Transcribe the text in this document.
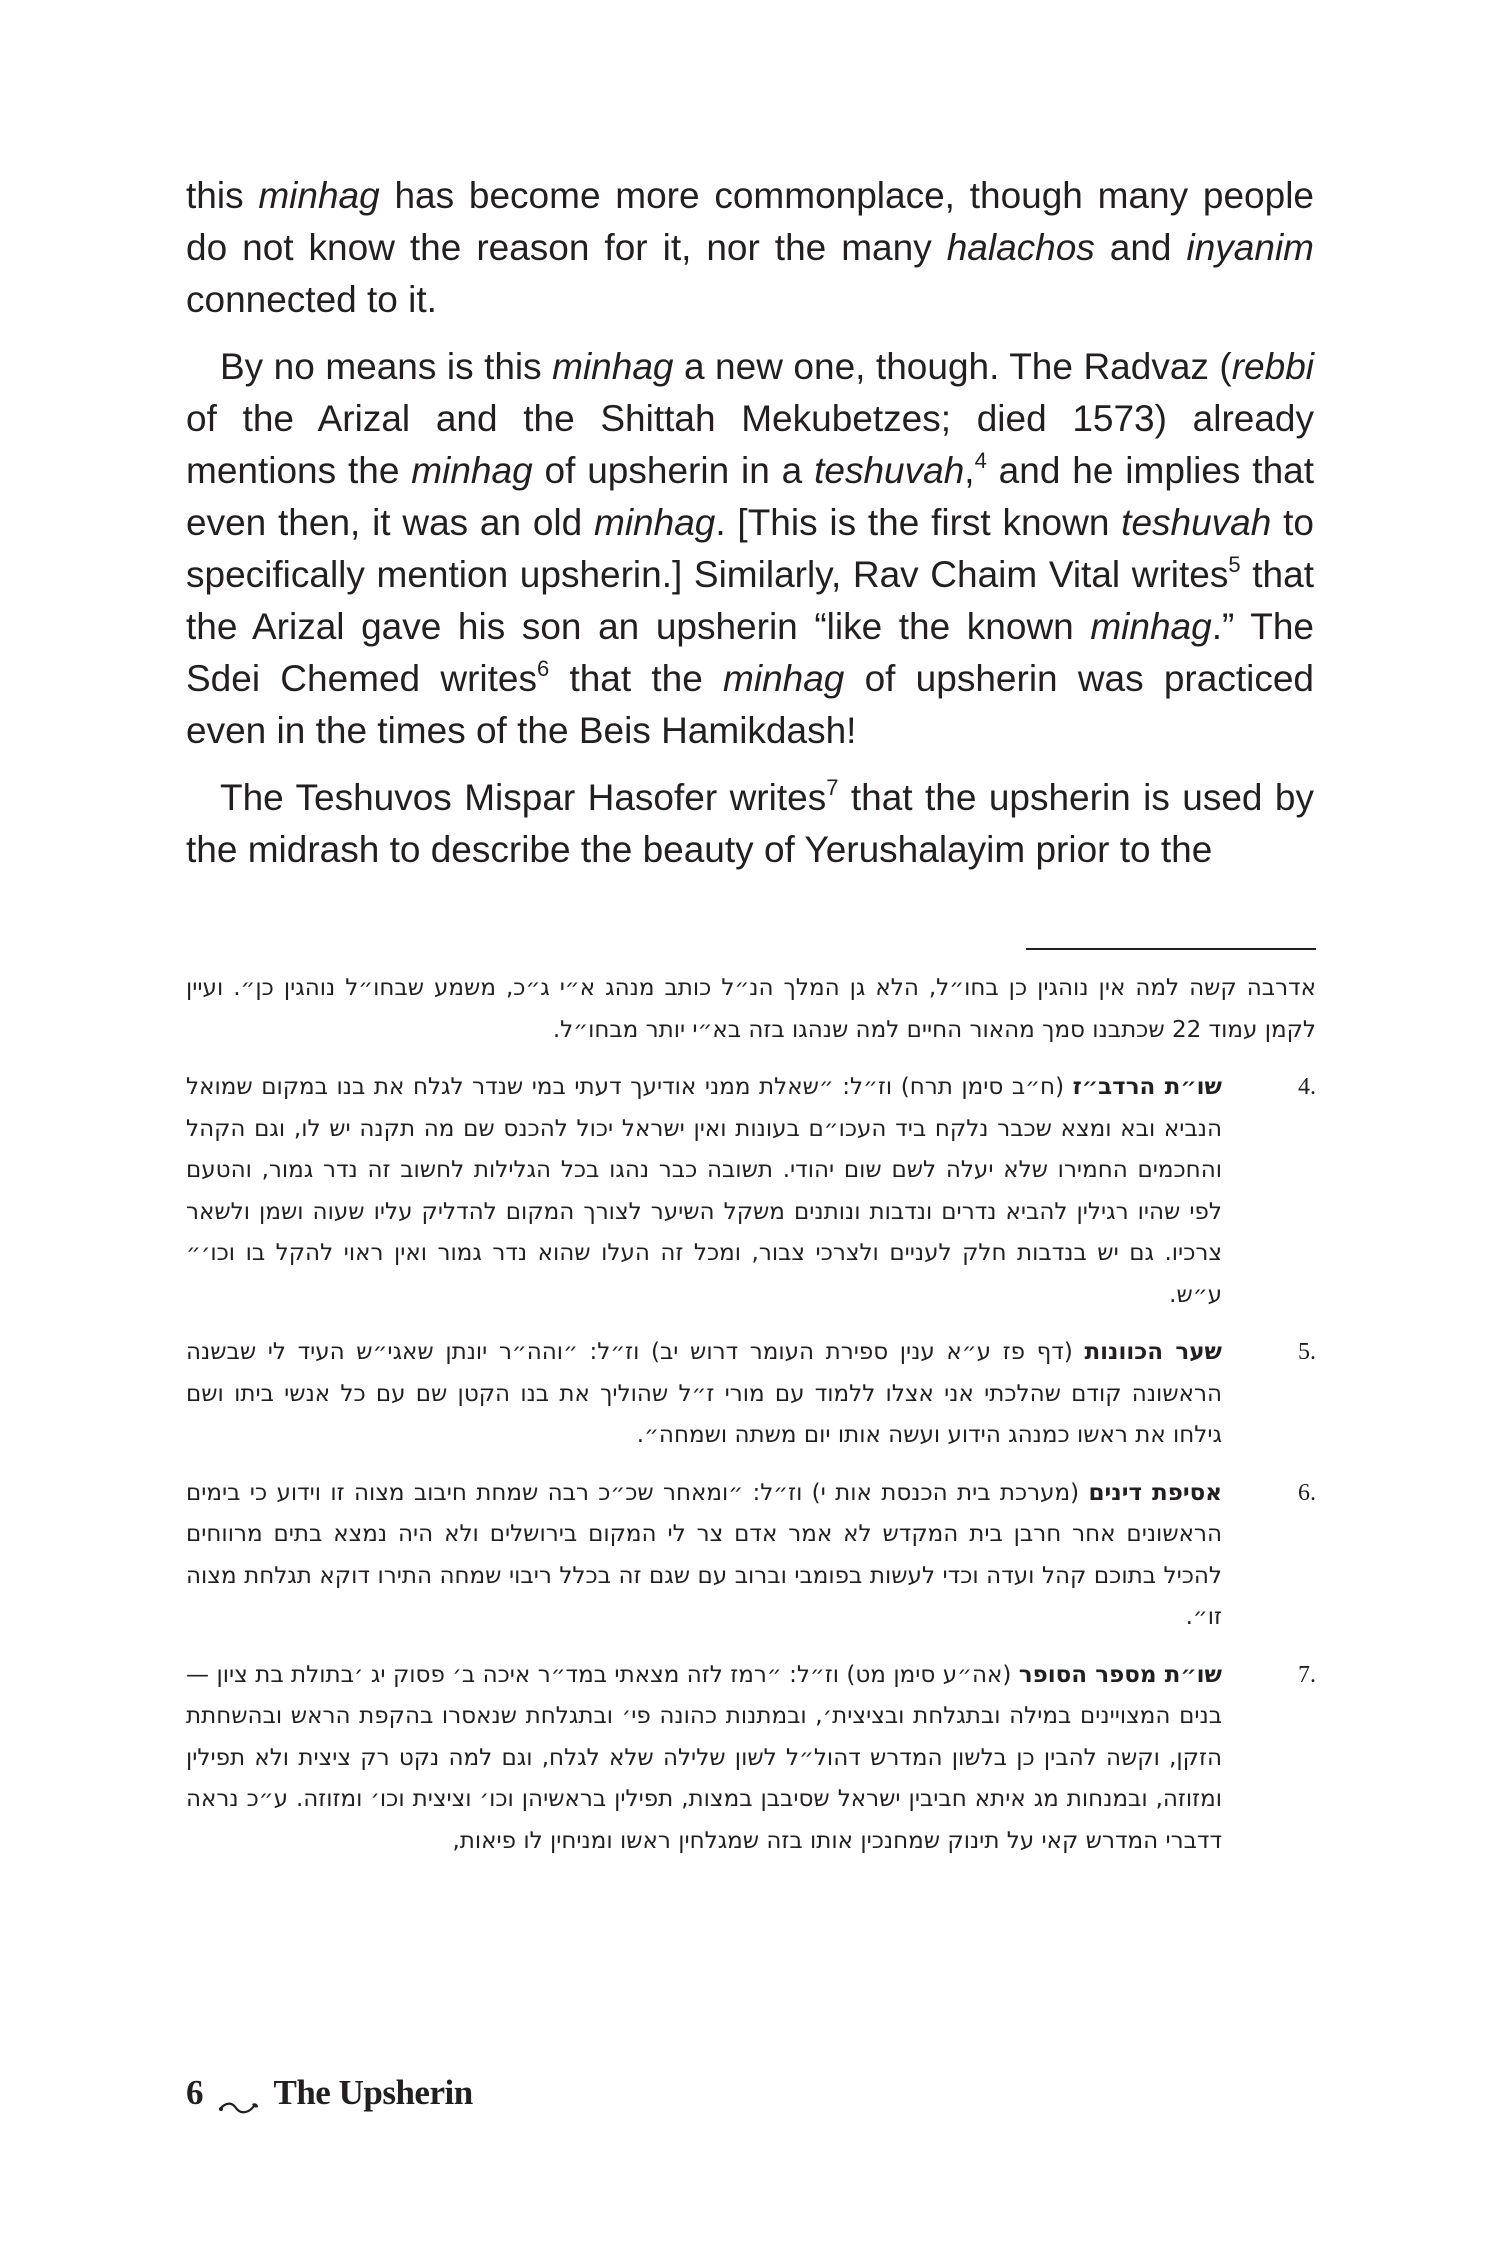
this minhag has become more commonplace, though many people do not know the reason for it, nor the many halachos and inyanim connected to it.

By no means is this minhag a new one, though. The Radvaz (rebbi of the Arizal and the Shittah Mekubetzes; died 1573) already mentions the minhag of upsherin in a teshuvah,$^4$ and he implies that even then, it was an old minhag. [This is the first known teshuvah to specifically mention upsherin.] Similarly, Rav Chaim Vital writes$^5$ that the Arizal gave his son an upsherin “like the known minhag.” The Sdei Chemed writes$^6$ that the minhag of upsherin was practiced even in the times of the Beis Hamikdash!

The Teshuvos Mispar Hasofer writes$^7$ that the upsherin is used by the midrash to describe the beauty of Yerushalayim prior to the

אדרבה קשה למה אין נוהגין כן בחו״ל, הלא גן המלך הנ״ל כותב מנהג א״י ג״כ, משמע שבחו״ל נוהגין כן״. ועיין לקמן עמוד 22 שכתבנו סמך מהאור החיים למה שנהגו בזה בא״י יותר מבחו״ל.

4.
שו״ת הרדב״ז (ח״ב סימן תרח) וז״ל: ״שאלת ממני אודיעך דעתי במי שנדר לגלח את בנו במקום שמואל הנביא ובא ומצא שכבר נלקח ביד העכו״ם בעונות ואין ישראל יכול להכנס שם מה תקנה יש לו, וגם הקהל והחכמים החמירו שלא יעלה לשם שום יהודי. תשובה כבר נהגו בכל הגלילות לחשוב זה נדר גמור, והטעם לפי שהיו רגילין להביא נדרים ונדבות ונותנים משקל השיער לצורך המקום להדליק עליו שעוה ושמן ולשאר צרכיו. גם יש בנדבות חלק לעניים ולצרכי צבור, ומכל זה העלו שהוא נדר גמור ואין ראוי להקל בו וכו׳״ ע״ש.
5.
שער הכוונות (דף פז ע״א ענין ספירת העומר דרוש יב) וז״ל: ״והה״ר יונתן שאגי״ש העיד לי שבשנה הראשונה קודם שהלכתי אני אצלו ללמוד עם מורי ז״ל שהוליך את בנו הקטן שם עם כל אנשי ביתו ושם גילחו את ראשו כמנהג הידוע ועשה אותו יום משתה ושמחה״.
6.
אסיפת דינים (מערכת בית הכנסת אות י) וז״ל: ״ומאחר שכ״כ רבה שמחת חיבוב מצוה זו וידוע כי בימים הראשונים אחר חרבן בית המקדש לא אמר אדם צר לי המקום בירושלים ולא היה נמצא בתים מרווחים להכיל בתוכם קהל ועדה וכדי לעשות בפומבי וברוב עם שגם זה בכלל ריבוי שמחה התירו דוקא תגלחת מצוה זו״.
7.
שו״ת מספר הסופר (אה״ע סימן מט) וז״ל: ״רמז לזה מצאתי במד״ר איכה ב׳ פסוק יג ׳בתולת בת ציון — בנים המצויינים במילה ובתגלחת ובציצית׳, ובמתנות כהונה פי׳ ובתגלחת שנאסרו בהקפת הראש ובהשחתת הזקן, וקשה להבין כן בלשון המדרש דהול״ל לשון שלילה שלא לגלח, וגם למה נקט רק ציצית ולא תפילין ומזוזה, ובמנחות מג איתא חביבין ישראל שסיבבן במצות, תפילין בראשיהן וכו׳ וציצית וכו׳ ומזוזה. ע״כ נראה דדברי המדרש קאי על תינוק שמחנכין אותו בזה שמגלחין ראשו ומניחין לו פיאות,
6 The Upsherin
